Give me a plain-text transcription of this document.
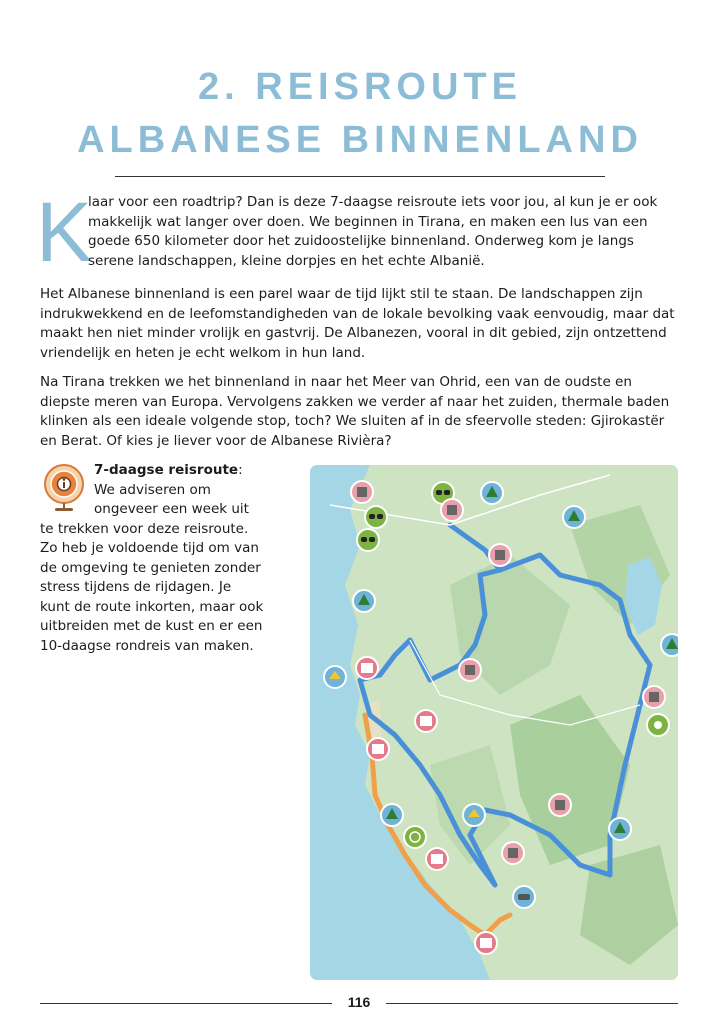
2. REISROUTE
ALBANESE BINNENLAND
K

laar voor een roadtrip? Dan is deze 7-daagse reisroute iets voor jou, al kun je er ook makkelijk wat langer over doen. We beginnen in Tirana, en maken een lus van een goede 650 kilometer door het zuidoostelijke binnenland. Onderweg kom je langs serene landschappen, kleine dorpjes en het echte Albanië.

Het Albanese binnenland is een parel waar de tijd lijkt stil te staan. De landschappen zijn indrukwekkend en de leefomstandigheden van de lokale bevolking vaak eenvoudig, maar dat maakt hen niet minder vrolijk en gastvrij. De Albanezen, vooral in dit gebied, zijn ontzettend vriendelijk en heten je echt welkom in hun land.

Na Tirana trekken we het binnenland in naar het Meer van Ohrid, een van de oudste en diepste meren van Europa. Vervolgens zakken we verder af naar het zuiden, thermale baden klinken als een ideale volgende stop, toch? We sluiten af in de sfeervolle steden: Gjirokastër en Berat. Of kies je liever voor de Albanese Rivièra?

7-daagse reisroute: We adviseren om ongeveer een week uit te trekken voor deze reisroute. Zo heb je voldoende tijd om van de omgeving te genieten zonder stress tijdens de rijdagen. Je kunt de route inkorten, maar ook uitbreiden met de kust en er een 10-daagse rondreis van maken.
116
